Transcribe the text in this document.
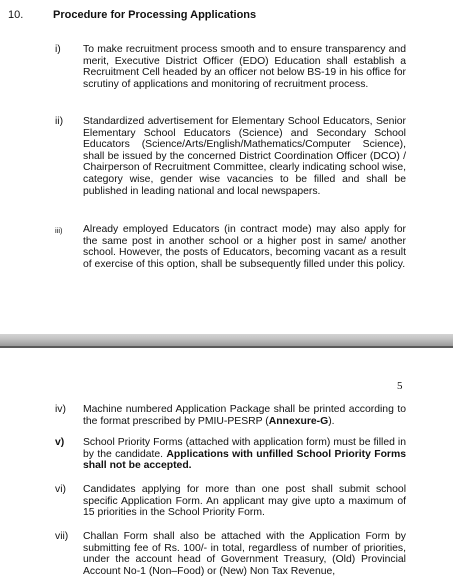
10.	Procedure for Processing Applications
i) To make recruitment process smooth and to ensure transparency and merit, Executive District Officer (EDO) Education shall establish a Recruitment Cell headed by an officer not below BS-19 in his office for scrutiny of applications and monitoring of recruitment process.

ii) Standardized advertisement for Elementary School Educators, Senior Elementary School Educators (Science) and Secondary School Educators (Science/Arts/English/Mathematics/Computer Science), shall be issued by the concerned District Coordination Officer (DCO) / Chairperson of Recruitment Committee, clearly indicating school wise, category wise, gender wise vacancies to be filled and shall be published in leading national and local newspapers.

iii) Already employed Educators (in contract mode) may also apply for the same post in another school or a higher post in same/ another school. However, the posts of Educators, becoming vacant as a result of exercise of this option, shall be subsequently filled under this policy.

5
iv) Machine numbered Application Package shall be printed according to the format prescribed by PMIU-PESRP (Annexure-G).

v) School Priority Forms (attached with application form) must be filled in by the candidate. Applications with unfilled School Priority Forms shall not be accepted.

vi) Candidates applying for more than one post shall submit school specific Application Form. An applicant may give upto a maximum of 15 priorities in the School Priority Form.

vii) Challan Form shall also be attached with the Application Form by submitting fee of Rs. 100/- in total, regardless of number of priorities, under the account head of Government Treasury, (Old) Provincial Account No-1 (Non–Food) or (New) Non Tax Revenue,
